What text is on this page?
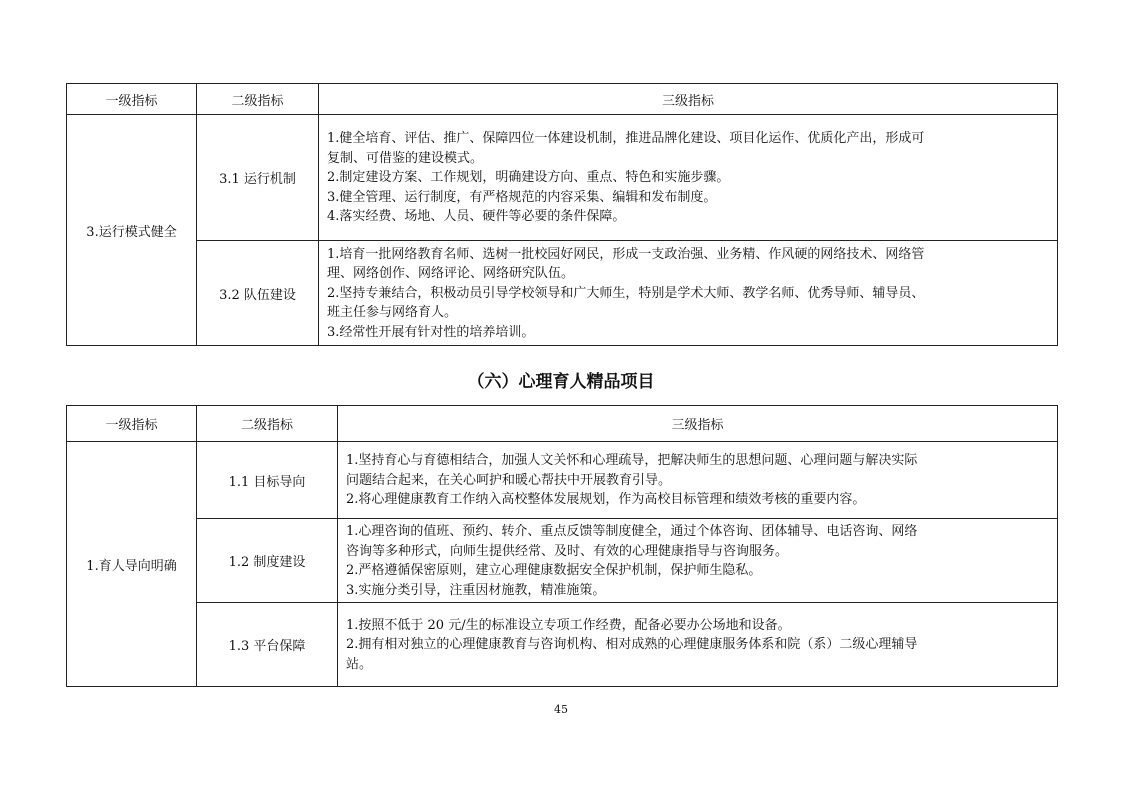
一级指标	二级指标	三级指标
3.运行模式健全	3.1 运行机制	1.健全培育、评估、推广、保障四位一体建设机制，推进品牌化建设、项目化运作、优质化产出，形成可
复制、可借鉴的建设模式。
2.制定建设方案、工作规划，明确建设方向、重点、特色和实施步骤。
3.健全管理、运行制度，有严格规范的内容采集、编辑和发布制度。
4.落实经费、场地、人员、硬件等必要的条件保障。

	3.2 队伍建设	1.培育一批网络教育名师、选树一批校园好网民，形成一支政治强、业务精、作风硬的网络技术、网络管
理、网络创作、网络评论、网络研究队伍。
2.坚持专兼结合，积极动员引导学校领导和广大师生，特别是学术大师、教学名师、优秀导师、辅导员、
班主任参与网络育人。
3.经常性开展有针对性的培养培训。
（六）心理育人精品项目
一级指标	二级指标	三级指标
1.育人导向明确	1.1 目标导向	1.坚持育心与育德相结合，加强人文关怀和心理疏导，把解决师生的思想问题、心理问题与解决实际
问题结合起来，在关心呵护和暖心帮扶中开展教育引导。
2.将心理健康教育工作纳入高校整体发展规划，作为高校目标管理和绩效考核的重要内容。

	1.2 制度建设	1.心理咨询的值班、预约、转介、重点反馈等制度健全，通过个体咨询、团体辅导、电话咨询、网络
咨询等多种形式，向师生提供经常、及时、有效的心理健康指导与咨询服务。
2.严格遵循保密原则，建立心理健康数据安全保护机制，保护师生隐私。
3.实施分类引导，注重因材施教，精准施策。

	1.3 平台保障	1.按照不低于 20 元/生的标准设立专项工作经费，配备必要办公场地和设备。
2.拥有相对独立的心理健康教育与咨询机构、相对成熟的心理健康服务体系和院（系）二级心理辅导
站。
45
